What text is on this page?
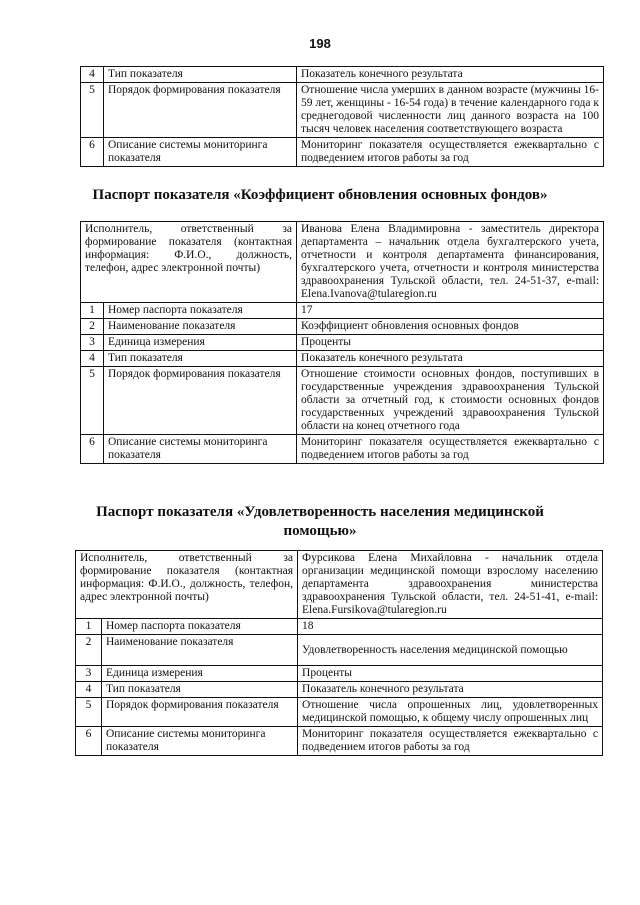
198
4	Тип показателя	Показатель конечного результата
5	Порядок формирования показателя	Отношение числа умерших в данном возрасте (мужчины 16-59 лет, женщины - 16-54 года) в течение календарного года к среднегодовой численности лиц данного возраста на 100 тысяч человек населения соответствующего возраста
6	Описание системы мониторинга показателя	Мониторинг показателя осуществляется ежеквартально с подведением итогов работы за год
Паспорт показателя «Коэффициент обновления основных фондов»
Исполнитель, ответственный за формирование показателя (контактная информация: Ф.И.О., должность, телефон, адрес электронной почты)		Иванова Елена Владимировна - заместитель директора департамента – начальник отдела бухгалтерского учета, отчетности и контроля департамента финансирования, бухгалтерского учета, отчетности и контроля министерства здравоохранения Тульской области, тел. 24-51-37, e-mail: Elena.Ivanova@tularegion.ru
1	Номер паспорта показателя	17
2	Наименование показателя	Коэффициент обновления основных фондов
3	Единица измерения	Проценты
4	Тип показателя	Показатель конечного результата
5	Порядок формирования показателя	Отношение стоимости основных фондов, поступивших в государственные учреждения здравоохранения Тульской области за отчетный год, к стоимости основных фондов государственных учреждений здравоохранения Тульской области на конец отчетного года
6	Описание системы мониторинга показателя	Мониторинг показателя осуществляется ежеквартально с подведением итогов работы за год
Паспорт показателя «Удовлетворенность населения медицинской помощью»
Исполнитель, ответственный за формирование показателя (контактная информация: Ф.И.О., должность, телефон, адрес электронной почты)		Фурсикова Елена Михайловна - начальник отдела организации медицинской помощи взрослому населению департамента здравоохранения министерства здравоохранения Тульской области, тел. 24-51-41, e-mail: Elena.Fursikova@tularegion.ru
1	Номер паспорта показателя	18
2	Наименование показателя	Удовлетворенность населения медицинской помощью
3	Единица измерения	Проценты
4	Тип показателя	Показатель конечного результата
5	Порядок формирования показателя	Отношение числа опрошенных лиц, удовлетворенных медицинской помощью, к общему числу опрошенных лиц
6	Описание системы мониторинга показателя	Мониторинг показателя осуществляется ежеквартально с подведением итогов работы за год
